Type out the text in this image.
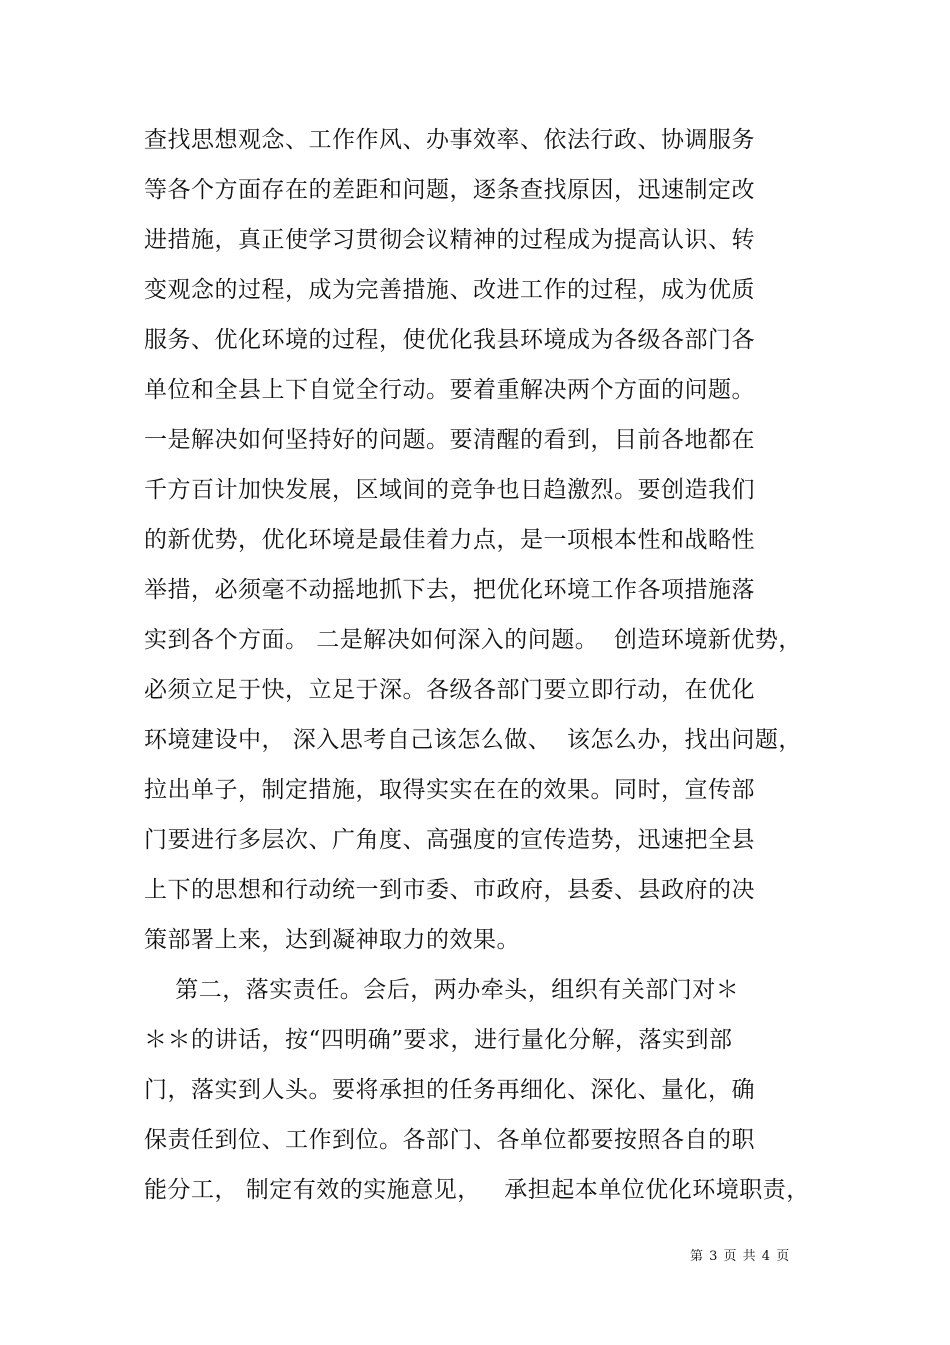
查找思想观念、工作作风、办事效率、依法行政、协调服务
等各个方面存在的差距和问题，逐条查找原因，迅速制定改
进措施，真正使学习贯彻会议精神的过程成为提高认识、转
变观念的过程，成为完善措施、改进工作的过程，成为优质
服务、优化环境的过程，使优化我县环境成为各级各部门各
单位和全县上下自觉全行动。要着重解决两个方面的问题。
一是解决如何坚持好的问题。要清醒的看到，目前各地都在
千方百计加快发展，区域间的竞争也日趋激烈。要创造我们
的新优势，优化环境是最佳着力点，是一项根本性和战略性
举措，必须毫不动摇地抓下去，把优化环境工作各项措施落
实到各个方面。 二是解决如何深入的问题。  创造环境新优势，
必须立足于快，立足于深。各级各部门要立即行动，在优化
环境建设中， 深入思考自己该怎么做、  该怎么办，找出问题，
拉出单子，制定措施，取得实实在在的效果。同时，宣传部
门要进行多层次、广角度、高强度的宣传造势，迅速把全县
上下的思想和行动统一到市委、市政府，县委、县政府的决
策部署上来，达到凝神取力的效果。
第二，落实责任。会后，两办牵头，组织有关部门对＊
＊＊的讲话，按“四明确”要求，进行量化分解，落实到部
门，落实到人头。要将承担的任务再细化、深化、量化，确
保责任到位、工作到位。各部门、各单位都要按照各自的职
能分工， 制定有效的实施意见，   承担起本单位优化环境职责，
第 3 页 共 4 页
